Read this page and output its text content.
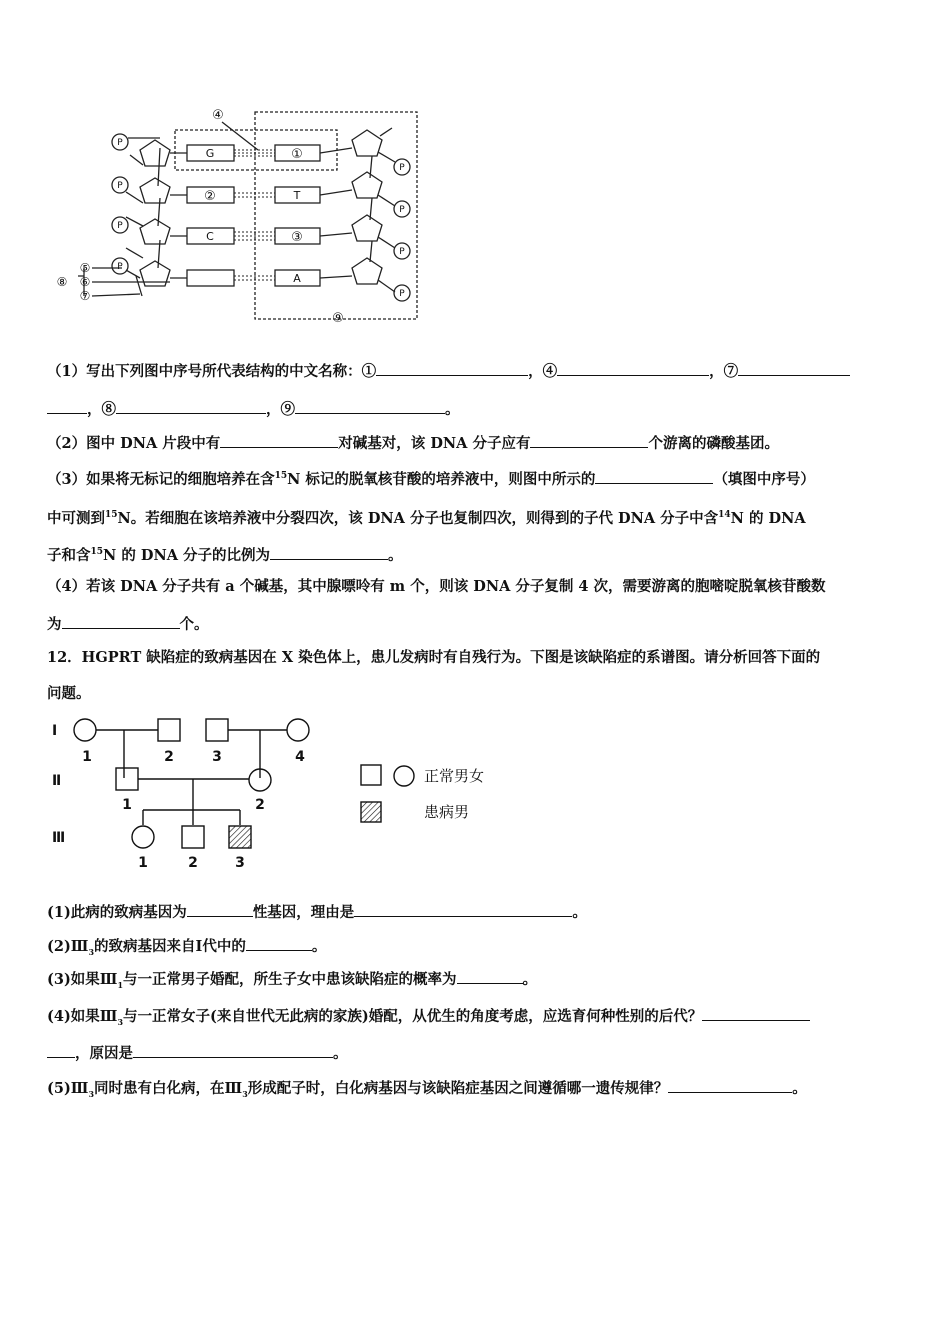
P
P
P
P
P
P
P
P
G
C
T
A
①
②
③
④
⑤
⑥
⑦
⑧
⑨
（1）写出下列图中序号所代表结构的中文名称：①	，④	，⑦
，⑧	，⑨	。
（2）图中 DNA 片段中有	对碱基对，该 DNA 分子应有	个游离的磷酸基团。
（3）如果将无标记的细胞培养在含$^{15}$N 标记的脱氧核苷酸的培养液中，则图中所示的	（填图中序号）
中可测到$^{15}$N。若细胞在该培养液中分裂四次，该 DNA 分子也复制四次，则得到的子代 DNA 分子中含$^{14}$N 的 DNA
子和含$^{15}$N 的 DNA 分子的比例为	。
（4）若该 DNA 分子共有 a 个碱基，其中腺嘌呤有 m 个，则该 DNA 分子复制 4 次，需要游离的胞嘧啶脱氧核苷酸数
为	个。
12．HGPRT 缺陷症的致病基因在 X 染色体上，患儿发病时有自残行为。下图是该缺陷症的系谱图。请分析回答下面的
问题。
Ⅰ
Ⅱ
Ⅲ
1	2	3	4
1	2
1	2	3
正常男女
患病男
(1)此病的致病基因为	性基因，理由是	。
$(2)Ⅲ_3$的致病基因来自Ⅰ代中的	。
(3)如果$Ⅲ_1$与一正常男子婚配，所生子女中患该缺陷症的概率为	。
(4)如果$Ⅲ_3$与一正常女子(来自世代无此病的家族)婚配，从优生的角度考虑，应选育何种性别的后代？
，原因是	。
$(5)Ⅲ_3$同时患有白化病，在$Ⅲ_3$形成配子时，白化病基因与该缺陷症基因之间遵循哪一遗传规律？	。
